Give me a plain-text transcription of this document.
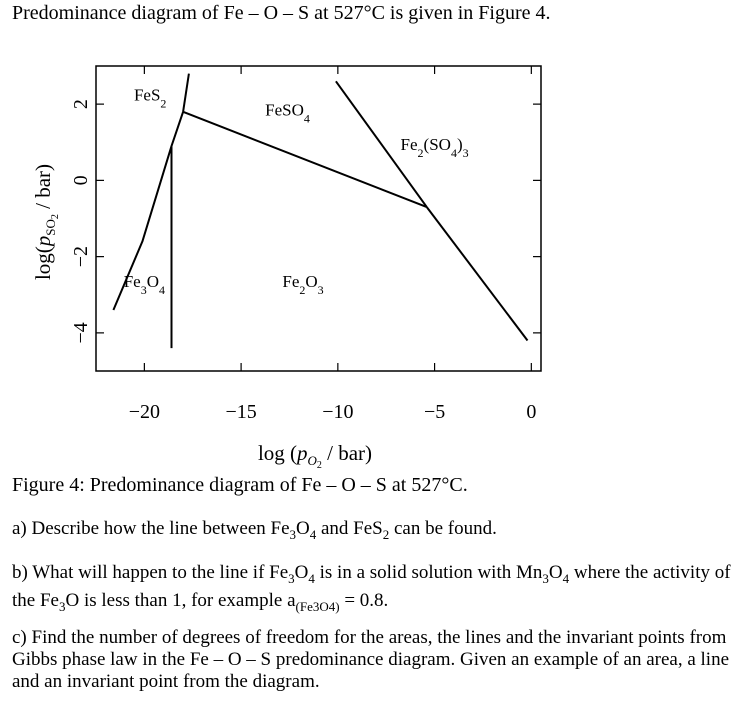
Predominance diagram of Fe – O – S at 527°C is given in Figure 4.
−20	−15	−10	−5	0
2
0
−2
−4
FeS$_2$	FeSO$_4$
$Fe_2(SO_4)_3$
$Fe_3O_4$	$Fe_2O_3$
$\log (p_O2 / bar)$
$\log(p_{SO}2 / bar)$
Figure 4: Predominance diagram of Fe – O – S at 527°C.
a) Describe how the line between $Fe_3O_4$ and FeS$_2$ can be found.
b) What will happen to the line if $Fe_3O_4$ is in a solid solution with $Mn_3O_4$ where the activity of the $Fe_3O$ is less than 1, for example $a_{(Fe3O4)} = 0.8$.
c) Find the number of degrees of freedom for the areas, the lines and the invariant points from Gibbs phase law in the Fe – O – S predominance diagram. Given an example of an area, a line and an invariant point from the diagram.
